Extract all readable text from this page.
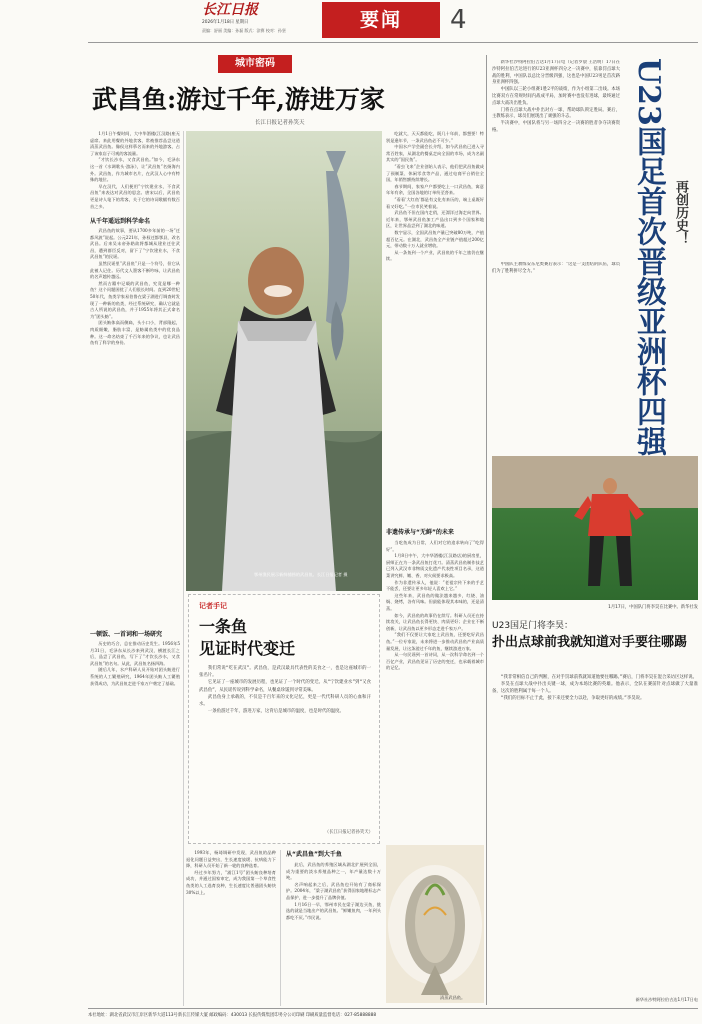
长江日报
2026年1月18日 星期日
责编：舒丽 美编：孙磊 版式：涂赛 校对：孙坚	要闻	4
城市密码
武昌鱼:游过千年,游进万家
长江日报记者孙笑天

1月1日午餐时间，大中华酒楼(江汉路)座无虚席。来此用餐的外地食客，常被推荐品尝这道清蒸武昌鱼。像侯这样慕名而来的外地游客，占了该家店子可观的客流量。

“才饮长沙水，又食武昌鱼。”如今，毛泽东这一首《水调歌头·游泳》，让“武昌鱼”名扬海内外。武昌鱼，作为城市名片，在武汉人心中有特殊的地位。

早在汉代，人们便用“宁饮建业水，不食武昌鱼”来表达对武昌的思念。唐宋以后，武昌鱼更是诗人笔下的常客，关于它的诗词歌赋有数百首之多。

从千年遥远到科学命名

武昌鱼的故事，要从1700多年前的一场“迁都风波”说起。公元221年，孙权迁都鄂县，改名武昌。后来吴末帝孙皓欲将都城从建业迁往武昌，遭到群臣反对，留下了“宁饮建业水，不食武昌鱼”的民谣。

虽然民谣里“武昌鱼”只是一个符号，但它从此被人记住。历代文人墨客不断吟咏，让武昌鱼的名声越传越远。

然而古籍中记载的武昌鱼，究竟是哪一种鱼？这个问题困扰了人们很长时间。直到20世纪50年代，鱼类学家易伯鲁在梁子湖进行调查时发现了一种新的鱼类，经过系统研究，确认它就是古人所说的武昌鱼，并于1955年将其正式命名为“团头鲂”。

团头鲂体高而侧扁，头小口小，背部隆起，肉质细嫩，脂肪丰富，是鲂属鱼类中的优良品种。这一命名结束了千百年来的争议，也让武昌鱼有了科学的身份。

一顿饭、一首词和一场研究

历史的巧合，总在推动历史发生。1956年5月31日，毛泽东从长沙来到武汉，横渡长江之后，品尝了武昌鱼，写下了“才饮长沙水，又食武昌鱼”的名句。从此，武昌鱼名扬四海。

随后几年，水产科研人员开始对团头鲂进行系统的人工繁殖研究，1964年团头鲂人工繁殖获得成功，为武昌鱼走进千家万户奠定了基础。

鄂州渔民展示新鲜捕捞的武昌鱼。长江日报记者 摄
记者手记
一条鱼
见证时代变迁

我们常说“吃在武汉”。武昌鱼，是武汉最具代表性的美食之一，也是这座城市的一张名片。

它见证了一座城市的发展历程，也见证了一个时代的变迁。从“宁饮建业水”到“又食武昌鱼”，从民谣传说到科学命名，从餐桌珍馐到寻常美味。

武昌鱼身上承载的，不仅是千百年来的文化记忆，更是一代代科研人员的心血和汗水。

一条鱼游过千年，游进万家，这背后是城市的温度，也是时代的温度。

（长江日报记者孙笑天）

1993年，杨琦调研中发现，武昌鱼的品种退化问题日益突出，生长速度放缓、抗病能力下降，科研人员开始了新一轮的良种选育。

经过多年努力，“浦江1号”团头鲂良种培育成功，并通过国家审定，成为我国第一个草食性鱼类的人工选育良种，生长速度比普通团头鲂快30%以上。

吃就大，天天都能吃，既几十年前，都想要！特别是逢年节，一条武昌鱼必不可少。”

中国水产学会副会长介绍，如今武昌鱼已进入寻常百姓家，从湖北的餐桌走向全国的市场，成为名副其实的“国民鱼”。

“看虫飞来”企业创始人表示，他们把武昌鱼做成了预制菜、休闲零食等产品，通过电商平台销往全国，年销售额持续增长。

春节期间，家家户户都要吃上一口武昌鱼，寓意年年有余，全国各地的订单纷至沓来。

“看看‘大红鱼’都是有文化有来历的，端上桌既好看又好吃。”一位市民笑着说。

武昌鱼不但在国内走俏，还漂洋过海走向世界。近年来，鄂州武昌鱼加工产品出口到多个国家和地区，让世界品尝到了湖北的味道。

数字显示，全国武昌鱼产量已突破80万吨，产值超百亿元。在湖北，武昌鱼全产业链产值超过200亿元，带动数十万人就业增收。

从一条鱼到一个产业，武昌鱼的千年之旅仍在继续。

非遗传承与“无鲜”的未来

当吃鱼成为日常，人们对它的追求转向了“吃得好”。

1月8日中午，大中华酒楼(江汉路店)的厨房里，厨师正在为一条武昌鱼打花刀。清蒸武昌鱼制作技艺已列入武汉市非物质文化遗产代表性项目名录，这道菜讲究鲜、嫩、香，对火候要求极高。

作为非遗传承人，他说：“老祖宗传下来的手艺不能丢，还要让更多年轻人喜欢上它。”

这些年来，武昌鱼的做法越来越多，红烧、油焖、烧烤，各有风味。但最能体现其本味的，还是清蒸。

如今，武昌鱼的故事仍在续写。科研人员还在持续攻关，让武昌鱼长得更快、肉质更好；企业在不断创新，让武昌鱼以更多形态走进千家万户。

“我们不仅要让大家吃上武昌鱼，还要吃好武昌鱼。”一位专家说，未来将进一步推动武昌鱼产业高质量发展，让这条游过千年的鱼，继续游进万家。

从一句民谣到一首诗词，从一次科学命名到一个百亿产业，武昌鱼见证了历史的变迁，也承载着城市的记忆。

从“武昌鱼”到大千鱼

此后，武昌鱼的养殖区域从湖北扩展到全国，成为重要的淡水养殖品种之一，年产量达数十万吨。

名声响起来之后，武昌鱼也开始有了商标保护。2004年，“梁子湖武昌鱼”获得国家地理标志产品保护，进一步提升了品牌价值。

1月16日一早，鄂州市民在梁子湖边买鱼，挑选的就是当地出产的武昌鱼。“鲜嫩鱼肉，一年到头都吃不厌。”市民说。

清蒸武昌鱼。

新华社沙特阿拉伯吉达1月17日电（记者罗晨 王浩明）17日在沙特阿拉伯吉达进行的U23亚洲杯四分之一决赛中，依靠罚点球大战的胜利，中国队以总比分晋级四强，这也是中国U23男足首次跻身亚洲杯四强。

中国队以三轮小组赛1胜2平的战绩，作为小组第二出线。本场比赛双方在常规时间内战成平局，加时赛中也没有进球，最终通过点球大战决出胜负。

门将在点球大战中扑出对方一球，帮助球队锁定胜局。赛后，主教练表示，球员们展现出了顽强的斗志。

半决赛中，中国队将与另一场四分之一决赛的胜者争夺决赛资格。	U23国足首次晋级亚洲杯四强 再创历史！

中国队主教练安东尼奥赛后表示：“这是一支团结的队伍，球员们为了胜利拼尽全力。”

1月17日，中国队门将李昊在比赛中。新华社发
U23国足门将李昊：
扑出点球前我就知道对手要往哪踢

“我非常相信自己的判断，在对手罚球前我就知道他要往哪踢。”赛后，门将李昊在混合采访区这样说。

李昊在点球大战中扑出关键一球，成为本场比赛的英雄。他表示，全队在赛前针对点球做了大量准备，这次的胜利属于每一个人。

“我们的目标不止于此，接下来还要全力以赴，争取更好的成绩。”李昊说。

新华社沙特阿拉伯吉达1月17日电
本社地址：湖北省武汉市江岸区新华大道113号新长江传媒大厦 邮政编码：430013 长报传媒集团印务分公司印刷 印刷质量监督电话：027-85888888
